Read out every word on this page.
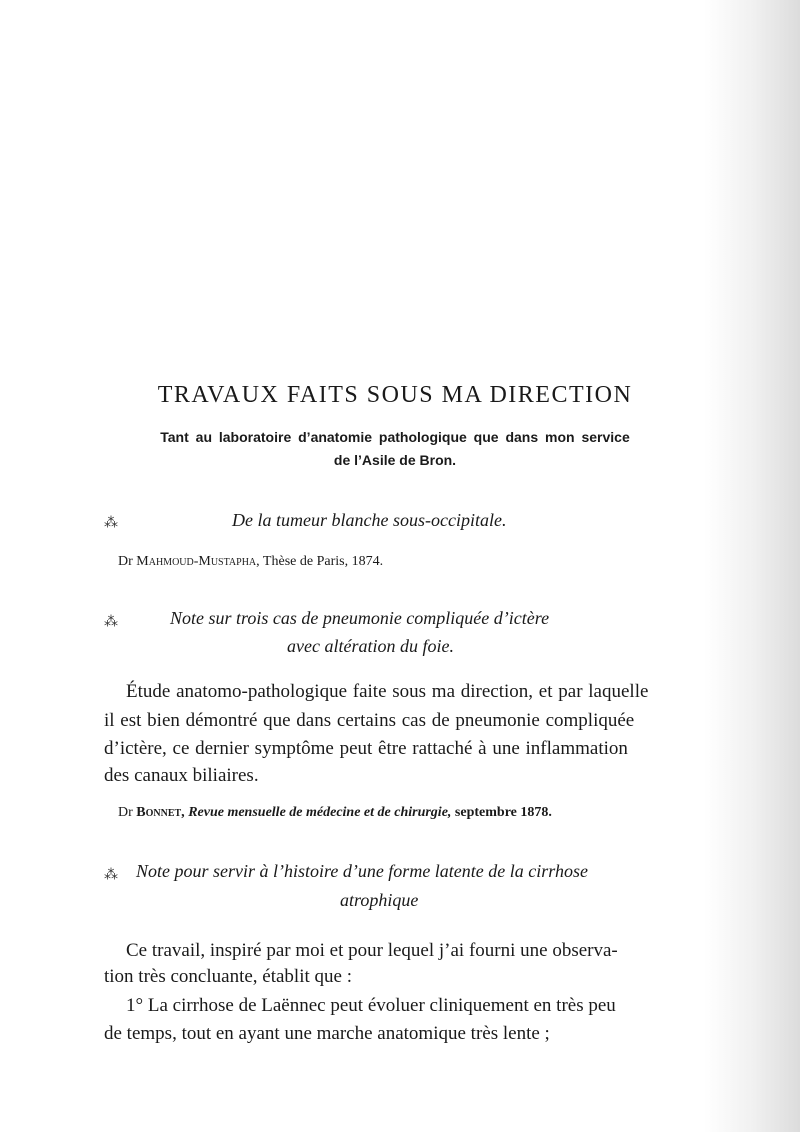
TRAVAUX FAITS SOUS MA DIRECTION
Tant au laboratoire d’anatomie pathologique que dans mon service
de l’Asile de Bron.
⁂	De la tumeur blanche sous-occipitale.
Dr Mahmoud-Mustapha, Thèse de Paris, 1874.
⁂	Note sur trois cas de pneumonie compliquée d’ictère
avec altération du foie.
Étude anatomo-pathologique faite sous ma direction, et par laquelle
il est bien démontré que dans certains cas de pneumonie compliquée
d’ictère, ce dernier symptôme peut être rattaché à une inflammation
des canaux biliaires.
Dr Bonnet, Revue mensuelle de médecine et de chirurgie, septembre 1878.
⁂ Note pour servir à l’histoire d’une forme latente de la cirrhose
atrophique
Ce travail, inspiré par moi et pour lequel j’ai fourni une observa-
tion très concluante, établit que :
1° La cirrhose de Laënnec peut évoluer cliniquement en très peu
de temps, tout en ayant une marche anatomique très lente ;
